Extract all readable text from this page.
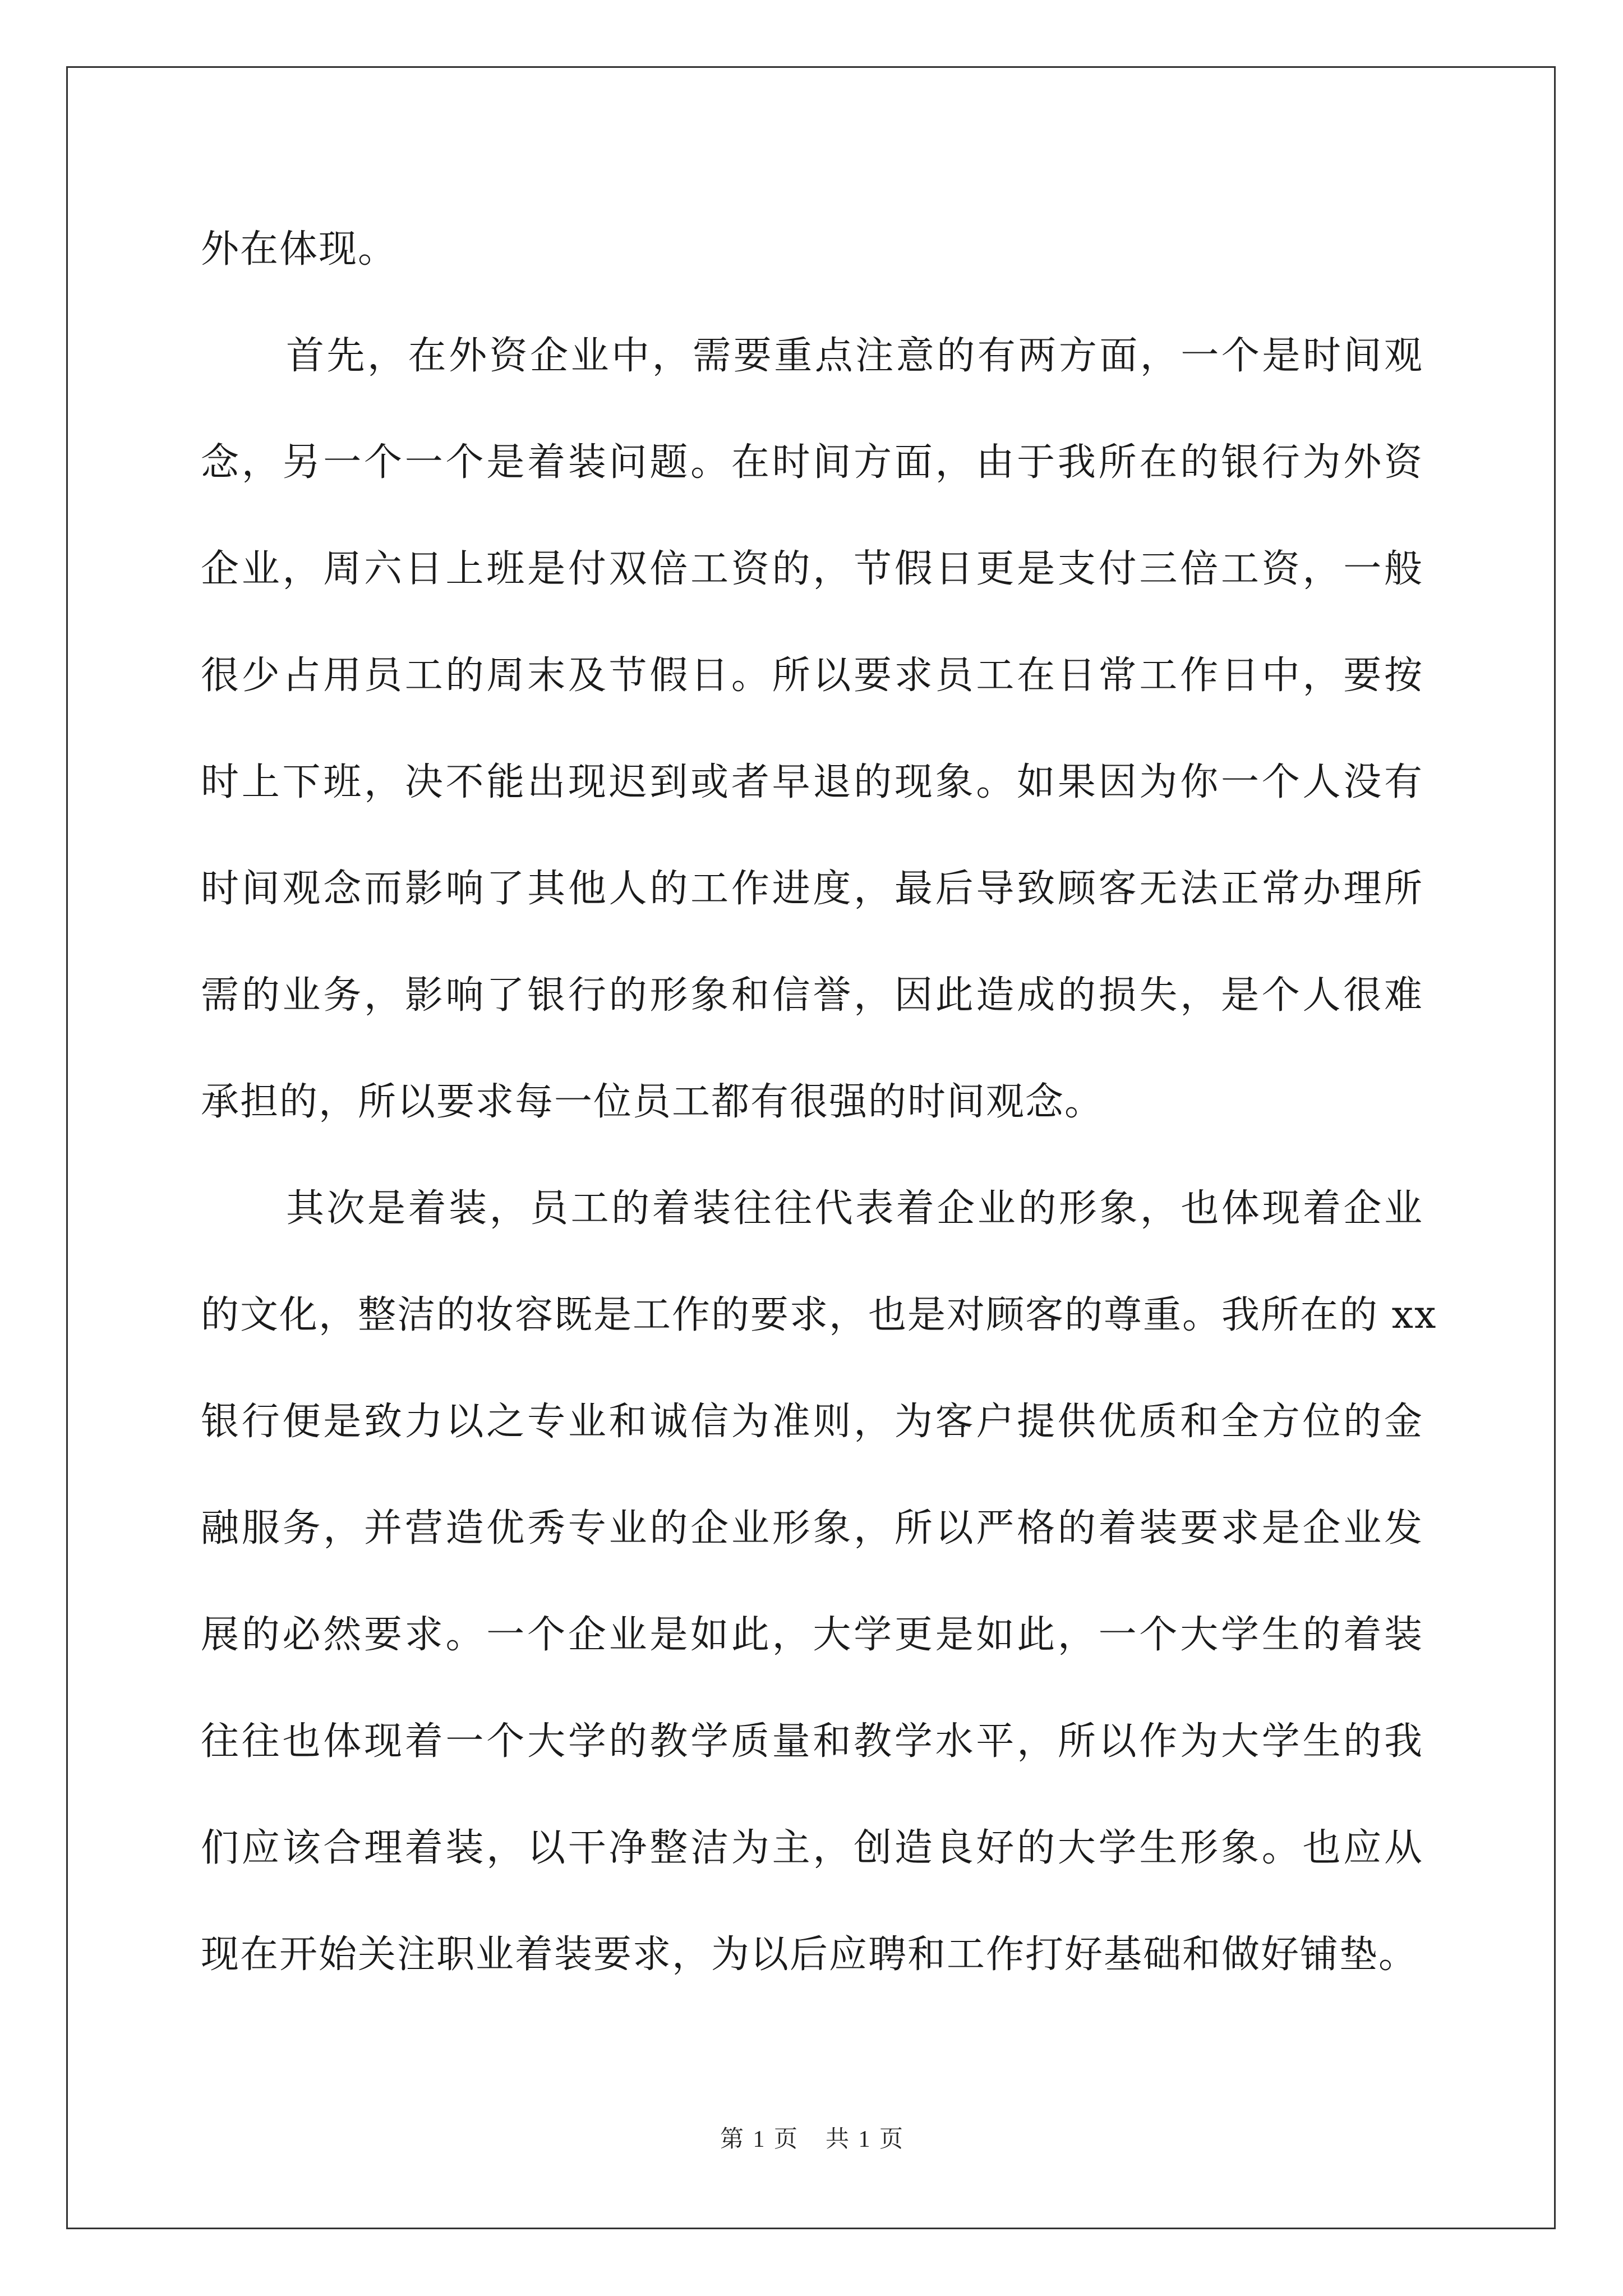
外在体现。
首先，在外资企业中，需要重点注意的有两方面，一个是时间观
念，另一个一个是着装问题。在时间方面，由于我所在的银行为外资
企业，周六日上班是付双倍工资的，节假日更是支付三倍工资，一般
很少占用员工的周末及节假日。所以要求员工在日常工作日中，要按
时上下班，决不能出现迟到或者早退的现象。如果因为你一个人没有
时间观念而影响了其他人的工作进度，最后导致顾客无法正常办理所
需的业务，影响了银行的形象和信誉，因此造成的损失，是个人很难
承担的，所以要求每一位员工都有很强的时间观念。
其次是着装，员工的着装往往代表着企业的形象，也体现着企业
的文化，整洁的妆容既是工作的要求，也是对顾客的尊重。我所在的 xx
银行便是致力以之专业和诚信为准则，为客户提供优质和全方位的金
融服务，并营造优秀专业的企业形象，所以严格的着装要求是企业发
展的必然要求。一个企业是如此，大学更是如此，一个大学生的着装
往往也体现着一个大学的教学质量和教学水平，所以作为大学生的我
们应该合理着装，以干净整洁为主，创造良好的大学生形象。也应从
现在开始关注职业着装要求，为以后应聘和工作打好基础和做好铺垫。
第 1 页 共 1 页
